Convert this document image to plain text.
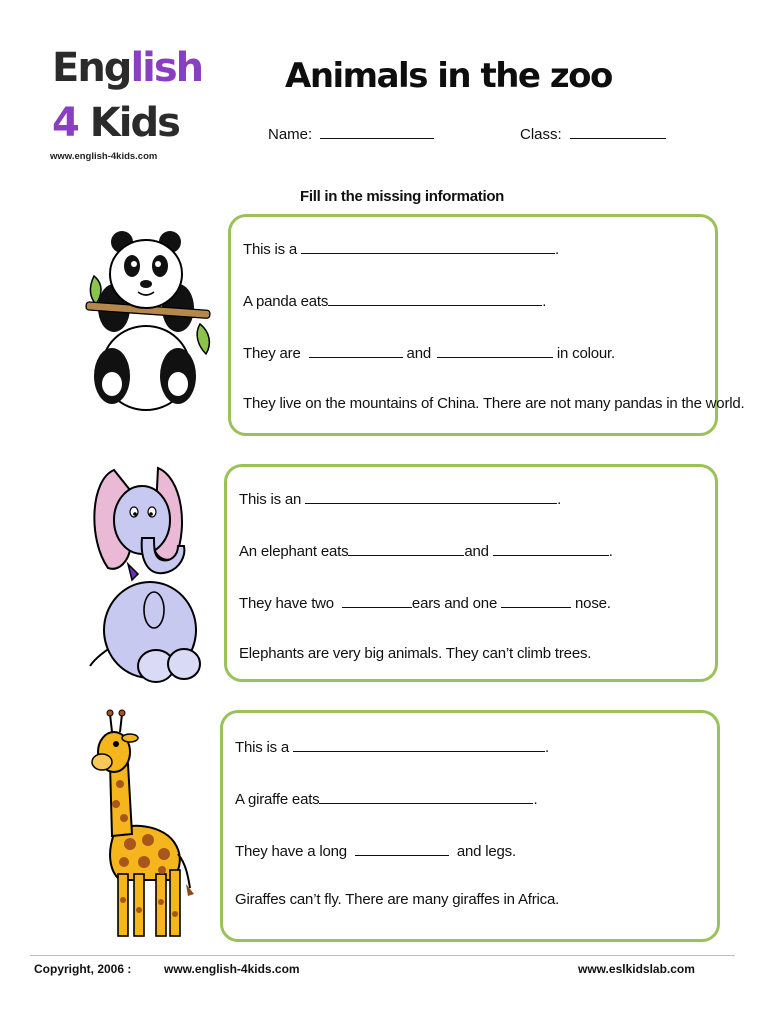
English
4 Kids
www.english-4kids.com
Animals in the zoo
Name:	Class:
Fill in the missing information
This is a	.
A panda eats	.
They are	and	in colour.
They live on the mountains of China. There are not many pandas in the world.
This is an	.
An elephant eats	and	.
They have two	ears and one	nose.
Elephants are very big animals. They can’t climb trees.
This is a	.
A giraffe eats	.
They have a long	and legs.
Giraffes can’t fly. There are many giraffes in Africa.
Copyright, 2006 :	www.english-4kids.com	www.eslkidslab.com
